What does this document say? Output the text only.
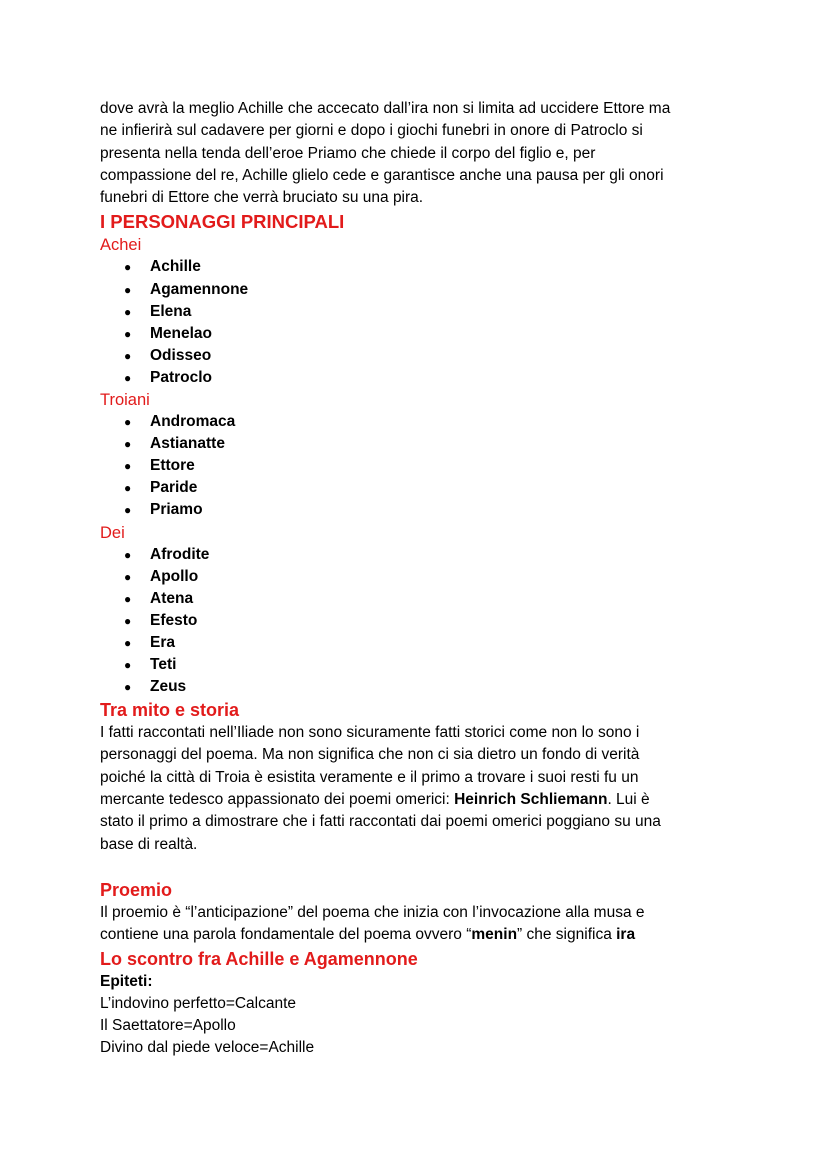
dove avrà la meglio Achille che accecato dall’ira non si limita ad uccidere Ettore ma

ne infierirà sul cadavere per giorni e dopo i giochi funebri in onore di Patroclo si

presenta nella tenda dell’eroe Priamo che chiede il corpo del figlio e, per

compassione del re, Achille glielo cede e garantisce anche una pausa per gli onori

funebri di Ettore che verrà bruciato su una pira.

I PERSONAGGI PRINCIPALI
Achei
● Achille
● Agamennone
● Elena
● Menelao
● Odisseo
● Patroclo
Troiani
● Andromaca
● Astianatte
● Ettore
● Paride
● Priamo
Dei
● Afrodite
● Apollo
● Atena
● Efesto
● Era
● Teti
● Zeus
Tra mito e storia

I fatti raccontati nell’Iliade non sono sicuramente fatti storici come non lo sono i

personaggi del poema. Ma non significa che non ci sia dietro un fondo di verità

poiché la città di Troia è esistita veramente e il primo a trovare i suoi resti fu un

mercante tedesco appassionato dei poemi omerici: Heinrich Schliemann. Lui è

stato il primo a dimostrare che i fatti raccontati dai poemi omerici poggiano su una

base di realtà.

Proemio

Il proemio è “l’anticipazione” del poema che inizia con l’invocazione alla musa e

contiene una parola fondamentale del poema ovvero “menin” che significa ira

Lo scontro fra Achille e Agamennone

Epiteti:

L’indovino perfetto=Calcante

Il Saettatore=Apollo

Divino dal piede veloce=Achille
